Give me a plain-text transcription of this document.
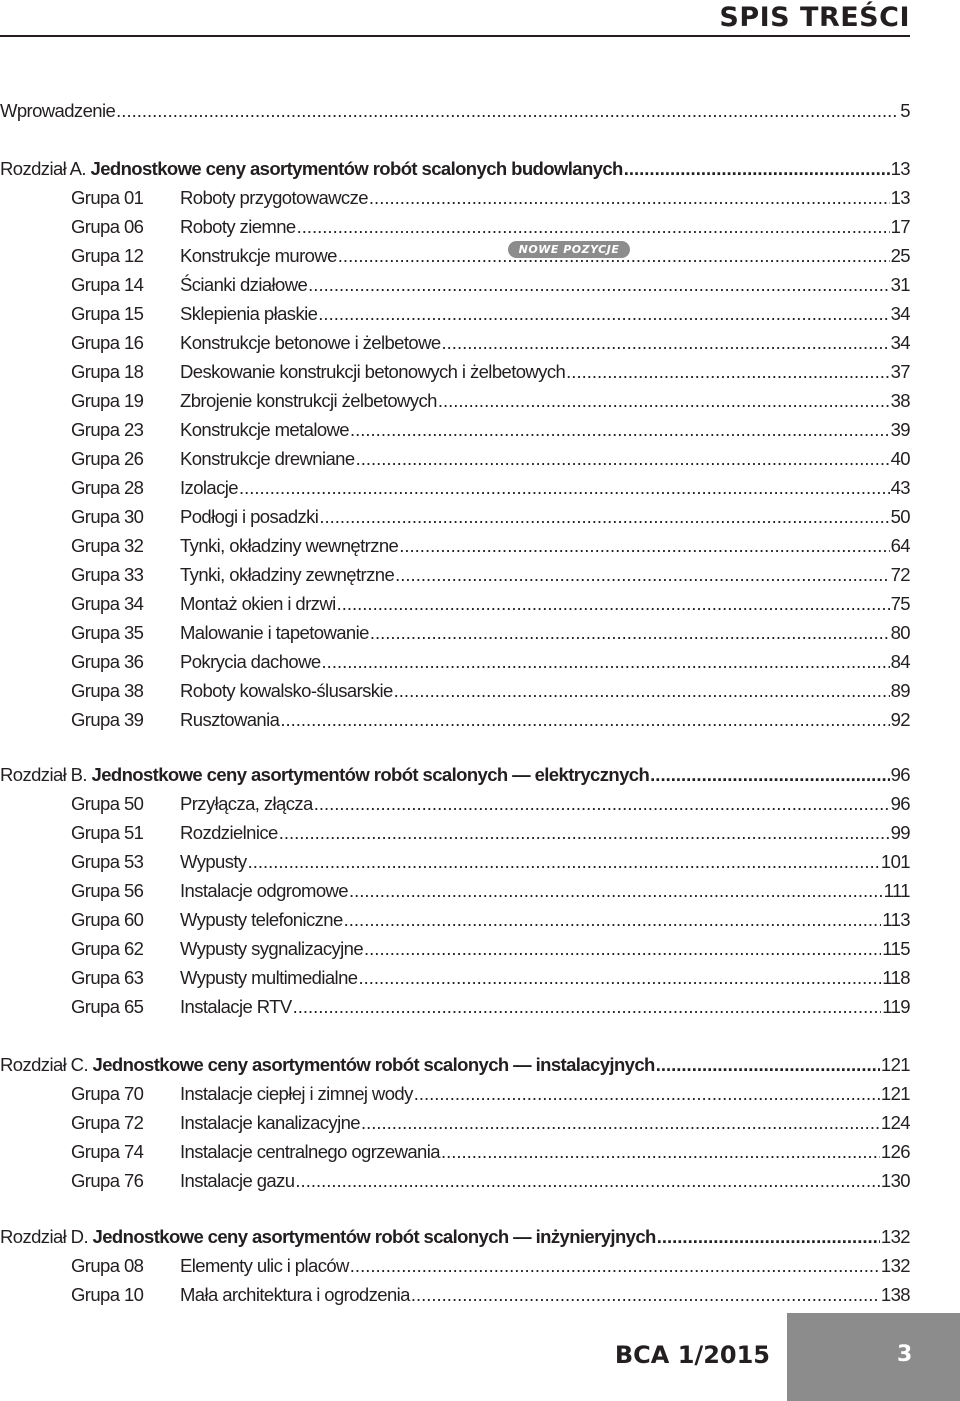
SPIS TREŚCI
Wprowadzenie .....	5
Rozdział A.
Jednostkowe ceny asortymentów robót scalonych budowlanych .....	13
Grupa 01 Roboty przygotowawcze .....	13
Grupa 06 Roboty ziemne .....	17
Grupa 12 Konstrukcje murowe .....	25
Grupa 14 Ścianki działowe .....	31
Grupa 15 Sklepienia płaskie .....	34
Grupa 16 Konstrukcje betonowe i żelbetowe .....	34
Grupa 18 Deskowanie konstrukcji betonowych i żelbetowych .....	37
Grupa 19 Zbrojenie konstrukcji żelbetowych .....	38
Grupa 23 Konstrukcje metalowe .....	39
Grupa 26 Konstrukcje drewniane .....	40
Grupa 28 Izolacje .....	43
Grupa 30 Podłogi i posadzki .....	50
Grupa 32 Tynki, okładziny wewnętrzne .....	64
Grupa 33 Tynki, okładziny zewnętrzne .....	72
Grupa 34 Montaż okien i drzwi .....	75
Grupa 35 Malowanie i tapetowanie .....	80
Grupa 36 Pokrycia dachowe .....	84
Grupa 38 Roboty kowalsko-ślusarskie .....	89
Grupa 39 Rusztowania .....	92
Rozdział B.
Jednostkowe ceny asortymentów robót scalonych — elektrycznych .....	96
Grupa 50 Przyłącza, złącza .....	96
Grupa 51 Rozdzielnice .....	99
Grupa 53 Wypusty .....	101
Grupa 56 Instalacje odgromowe .....	111
Grupa 60 Wypusty telefoniczne .....	113
Grupa 62 Wypusty sygnalizacyjne .....	115
Grupa 63 Wypusty multimedialne .....	118
Grupa 65 Instalacje RTV .....	119
Rozdział C.
Jednostkowe ceny asortymentów robót scalonych — instalacyjnych .....	121
Grupa 70 Instalacje ciepłej i zimnej wody .....	121
Grupa 72 Instalacje kanalizacyjne .....	124
Grupa 74 Instalacje centralnego ogrzewania .....	126
Grupa 76 Instalacje gazu .....	130
Rozdział D.
Jednostkowe ceny asortymentów robót scalonych — inżynieryjnych .....	132
Grupa 08 Elementy ulic i placów .....	132
Grupa 10 Mała architektura i ogrodzenia .....	138
NOWE POZYCJE
BCA 1/2015	3
